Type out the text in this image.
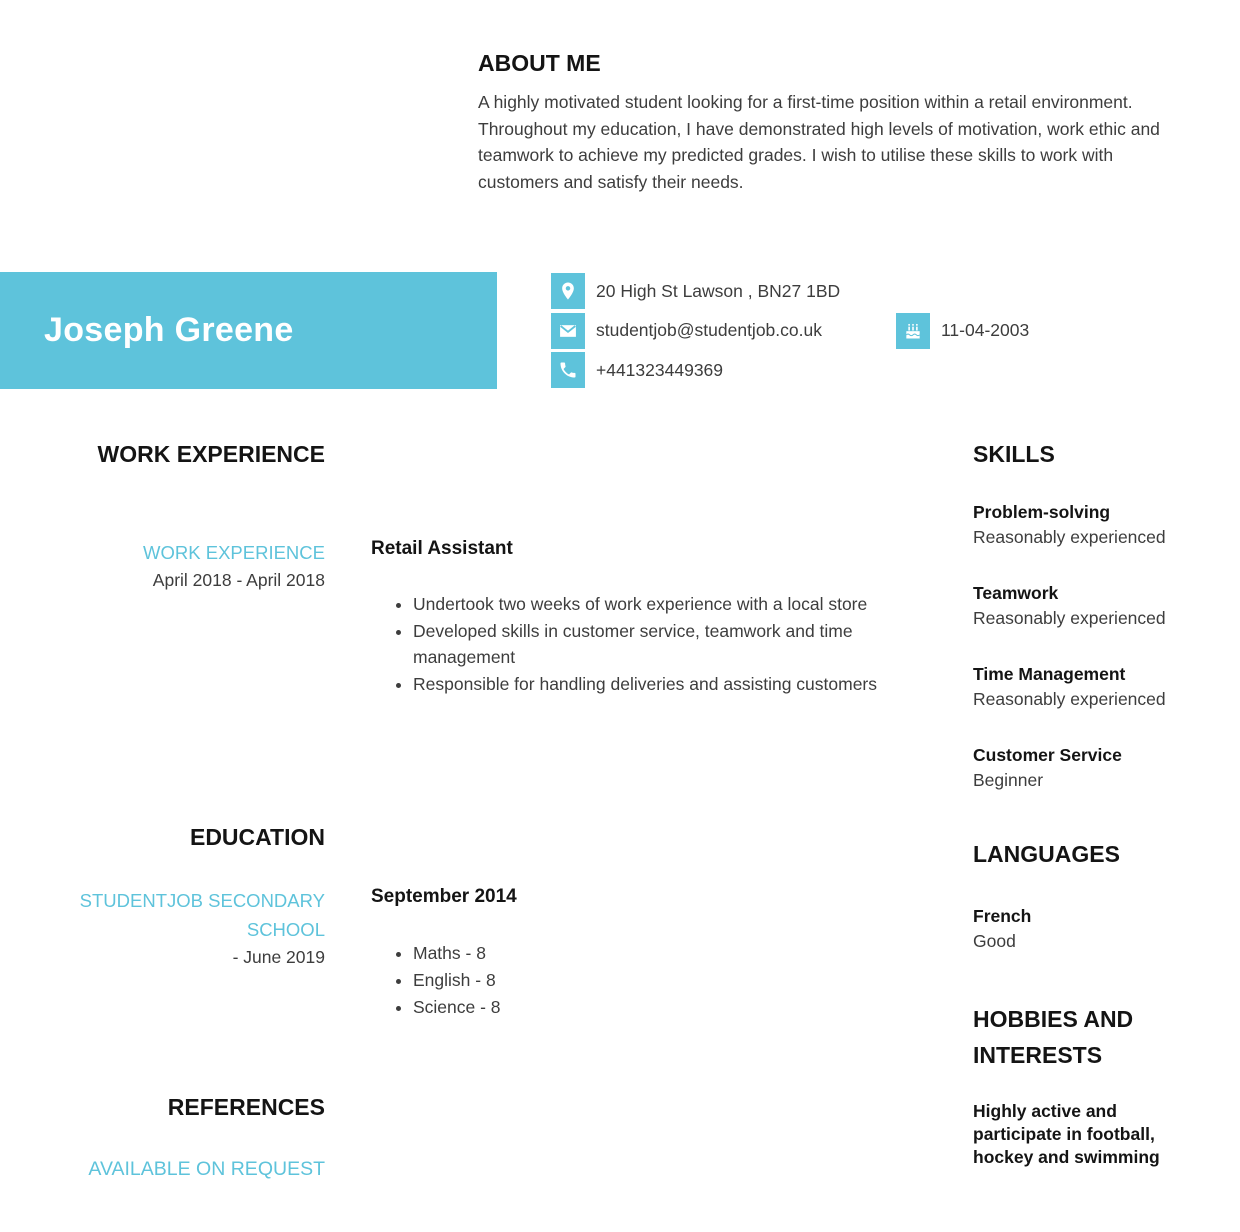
ABOUT ME

A highly motivated student looking for a first-time position within a retail environment. Throughout my education, I have demonstrated high levels of motivation, work ethic and teamwork to achieve my predicted grades. I wish to utilise these skills to work with customers and satisfy their needs.

Joseph Greene
20 High St Lawson , BN27 1BD
studentjob@studentjob.co.uk
+441323449369
11-04-2003
WORK EXPERIENCE
WORK EXPERIENCE
April 2018 - April 2018
Retail Assistant
• Undertook two weeks of work experience with a local store
• Developed skills in customer service, teamwork and time management
• Responsible for handling deliveries and assisting customers
EDUCATION
STUDENTJOB SECONDARY SCHOOL
- June 2019
September 2014
• Maths - 8
• English - 8
• Science - 8
REFERENCES
AVAILABLE ON REQUEST
SKILLS
Problem-solving
Reasonably experienced
Teamwork
Reasonably experienced
Time Management
Reasonably experienced
Customer Service
Beginner
LANGUAGES
French
Good
HOBBIES AND INTERESTS
Highly active and participate in football, hockey and swimming
